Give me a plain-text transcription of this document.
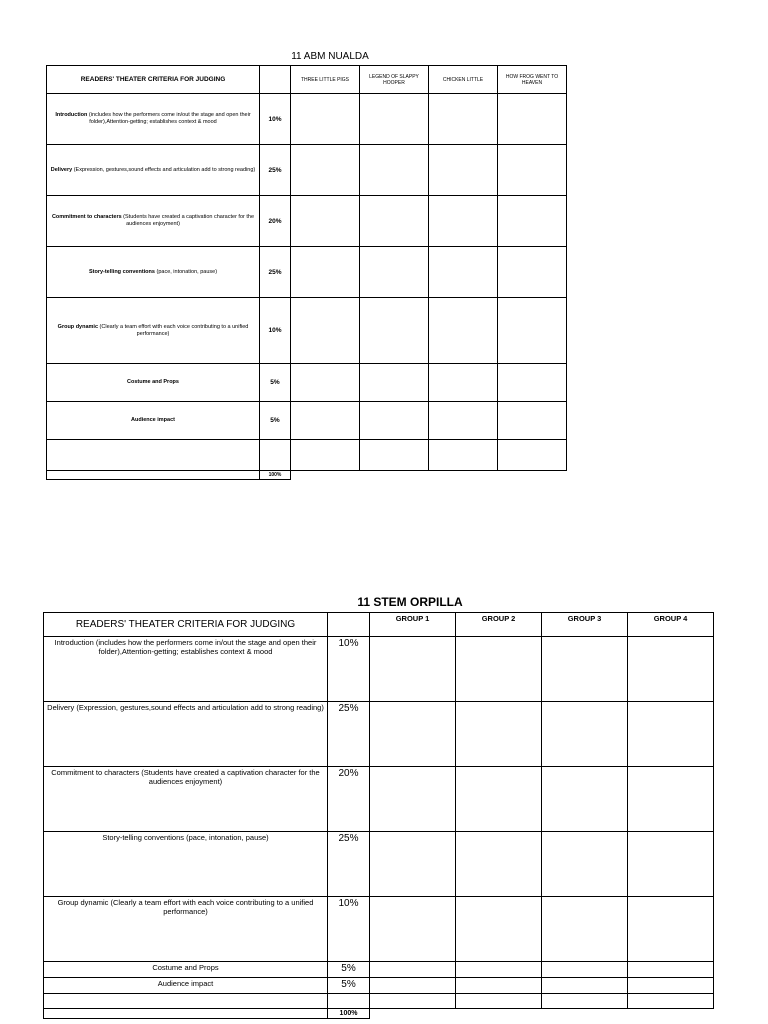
11 ABM NUALDA
READERS' THEATER CRITERIA FOR JUDGING		THREE LITTLE PIGS	LEGEND OF SLAPPY HOOPER	CHICKEN LITTLE	HOW FROG WENT TO HEAVEN
Introduction (includes how the performers come in/out the stage and open their folder),Attention-getting; establishes context & mood	10%				
Delivery (Expression, gestures,sound effects and articulation add to strong reading)	25%				
Commitment to characters (Students have created a captivation character for the audiences enjoyment)	20%				
Story-telling conventions (pace, intonation, pause)	25%				
Group dynamic (Clearly a team effort with each voice contributing to a unified performance)	10%				
Costume and Props	5%				
Audience impact	5%				

	100%				
11 STEM ORPILLA
READERS' THEATER CRITERIA FOR JUDGING		GROUP 1	GROUP 2	GROUP 3	GROUP 4
Introduction (includes how the performers come in/out the stage and open their folder),Attention-getting; establishes context & mood	10%				
Delivery (Expression, gestures,sound effects and articulation add to strong reading)	25%				
Commitment to characters (Students have created a captivation character for the audiences enjoyment)	20%				
Story-telling conventions (pace, intonation, pause)	25%				
Group dynamic (Clearly a team effort with each voice contributing to a unified performance)	10%				
Costume and Props	5%				
Audience impact	5%				

	100%				
